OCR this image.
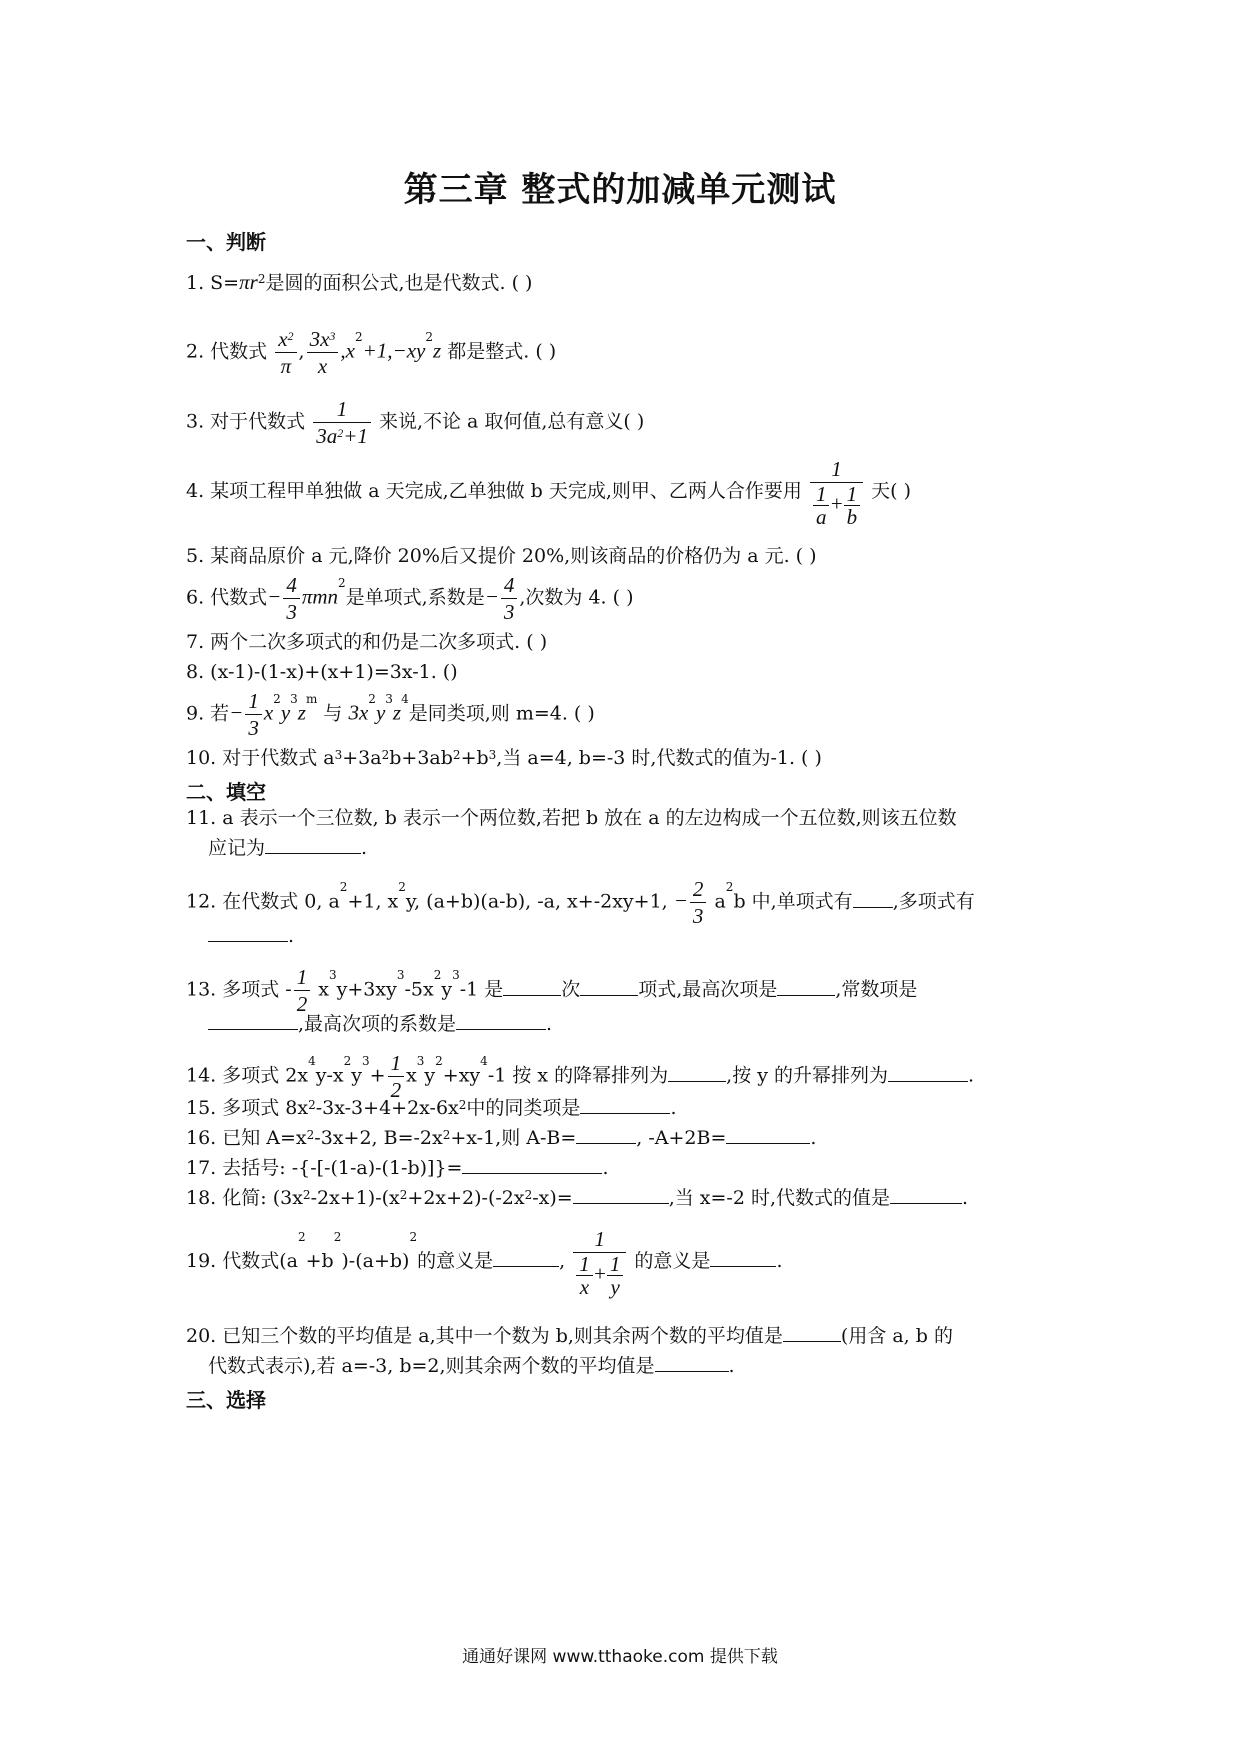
第三章 整式的加减单元测试
一、判断
1. $S=\pi r^2$是圆的面积公式,也是代数式. ( )
2. 代数式 $\frac{x^2}{\pi}$ , $\frac{3x^3}{x} ,x^2+1,-xy^2z$ 都是整式. ( )
3. 对于代数式 $\frac{1}{3a^2+1}$ 来说,不论 a 取何值,总有意义( )
4. 某项工程甲单独做 a 天完成,乙单独做 b 天完成,则甲、乙两人合作要用 $\frac{1}{\frac{1}{a} + \frac{1}{b}}$ 天( )
5. 某商品原价 a 元,降价 20%后又提价 20%,则该商品的价格仍为 a 元. ( )
6. 代数式− $\frac{4}{3} \pi mn^2$是单项式,系数是− $\frac{4}{3}$ ,次数为 4. ( )
7. 两个二次多项式的和仍是二次多项式. ( )
8. (x-1)-(1-x)+(x+1)=3x-1. ()
9. 若− $\frac{1}{3} x^2y^3z^m$ 与 $3x^2y^3z^4$是同类项,则 m=4. ( )
10. 对于代数式 $a^3+3a^2b+3ab^2+b^3$,当 a=4, b=-3 时,代数式的值为-1. ( )
二、填空
11. a 表示一个三位数, b 表示一个两位数,若把 b 放在 a 的左边构成一个五位数,则该五位数
应记为	.
12. 在代数式 0, $a^2+1$, $x^2y$, (a+b)(a-b), -a, x+-2xy+1, − $\frac{2}{3} a^2b$ 中,单项式有 ,多项式有
.
13. 多项式 - $\frac{1}{2} x^3y+3xy^3-5x^2y^3-1$ 是	次	项式,最高次项是	,常数项是
,最高次项的系数是	.
14. 多项式 $2x^4y-x^2y^3+ \frac{1}{2} x^3y^2+xy^4-1$ 按 x 的降幂排列为	,按 y 的升幂排列为	.
15. 多项式 $8x^2-3x-3+4+2x-6x^2$中的同类项是	.
16. 已知 $A=x^2-3x+2$, $B=-2x^2+x-1$,则 A-B=	, -A+2B=	.
17. 去括号: -{-[-(1-a)-(1-b)]}=	.
18. 化简: $(3x^2-2x+1)-(x^2+2x+2)-(-2x^2-x)=$	,当 x=-2 时,代数式的值是	.
19. 代数式$(a^2+b^2)-(a+b)^2$的意义是	, $\frac{1}{\frac{1}{x} + \frac{1}{y}}$ 的意义是	.
20. 已知三个数的平均值是 a,其中一个数为 b,则其余两个数的平均值是	(用含 a, b 的
代数式表示),若 a=-3, b=2,则其余两个数的平均值是	.
三、选择
通通好课网 www.tthaoke.com 提供下载
